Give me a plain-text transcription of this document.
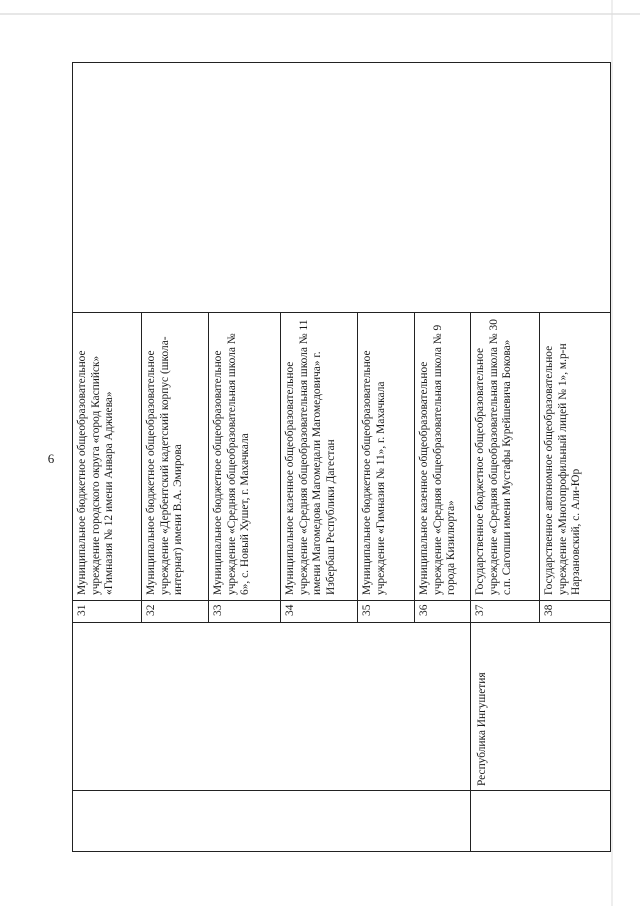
6
		31	Муниципальное бюджетное общеобразовательное учреждение городского округа «город Каспийск» «Гимназия № 12 имени Анвара Аджиева»	
		32	Муниципальное бюджетное общеобразовательное учреждение «Дербентский кадетский корпус (школа-интернат) имени В.А. Эмирова	
		33	Муниципальное бюджетное общеобразовательное учреждение «Средняя общеобразовательная школа № 6», с. Новый Хушет, г. Махачкала	
		34	Муниципальное казенное общеобразовательное учреждение «Средняя общеобразовательная школа № 11 имени Магомедова Магомедали Магомедовича» г. Избербаш Республики Дагестан	
		35	Муниципальное бюджетное общеобразовательное учреждение «Гимназия № 11», г. Махачкала	
		36	Муниципальное казенное общеобразовательное учреждение «Средняя общеобразовательная школа № 9 города Кизилюрта»	
	Республика Ингушетия	37	Государственное бюджетное общеобразовательное учреждение «Средняя общеобразовательная школа № 30 с.п. Сагопши имени Мустафы Курейшевича Бокова»	
		38	Государственное автономное общеобразовательное учреждение «Многопрофильный лицей № 1», м.р-н Нарзановский, с. Али-Юр	
